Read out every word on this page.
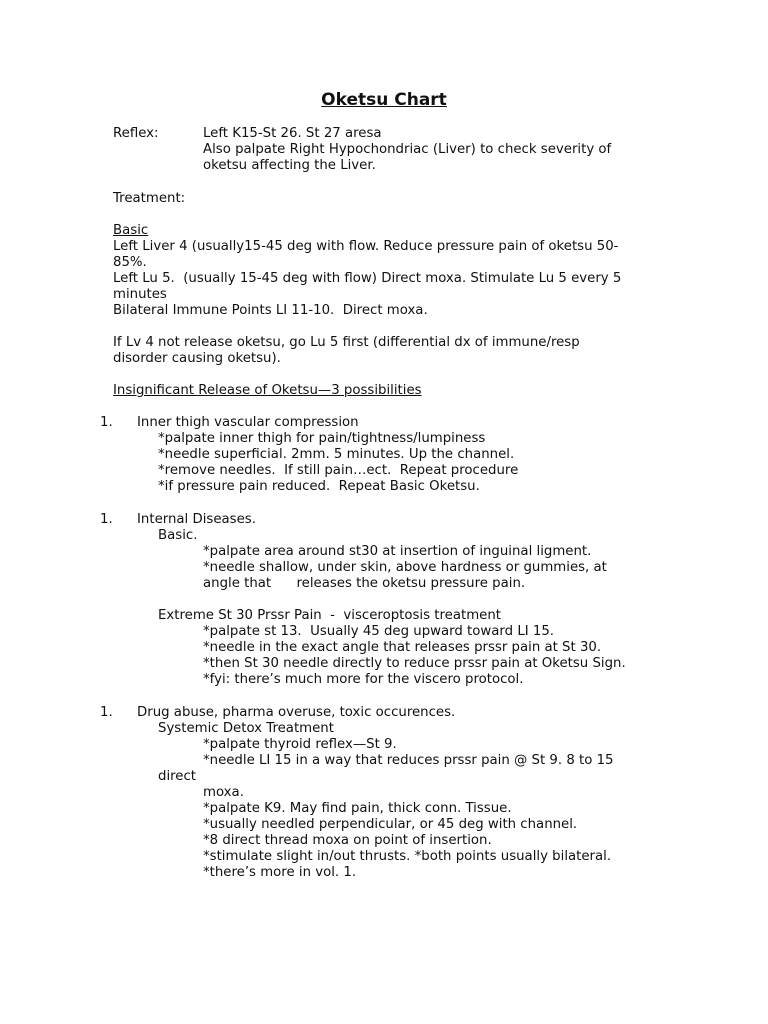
Oketsu Chart
Reflex:	Left K15-St 26. St 27 aresa
Also palpate Right Hypochondriac (Liver) to check severity of
oketsu affecting the Liver.
Treatment:
Basic
Left Liver 4 (usually15-45 deg with flow. Reduce pressure pain of oketsu 50-
85%.
Left Lu 5.  (usually 15-45 deg with flow) Direct moxa. Stimulate Lu 5 every 5
minutes
Bilateral Immune Points LI 11-10.  Direct moxa.
If Lv 4 not release oketsu, go Lu 5 first (differential dx of immune/resp
disorder causing oketsu).
Insignificant Release of Oketsu—3 possibilities
1. Inner thigh vascular compression
*palpate inner thigh for pain/tightness/lumpiness
*needle superficial. 2mm. 5 minutes. Up the channel.
*remove needles.  If still pain…ect.  Repeat procedure
*if pressure pain reduced.  Repeat Basic Oketsu.
1. Internal Diseases.
Basic.
*palpate area around st30 at insertion of inguinal ligment.
*needle shallow, under skin, above hardness or gummies, at
angle that      releases the oketsu pressure pain.
Extreme St 30 Prssr Pain  -  visceroptosis treatment
*palpate st 13.  Usually 45 deg upward toward LI 15.
*needle in the exact angle that releases prssr pain at St 30.
*then St 30 needle directly to reduce prssr pain at Oketsu Sign.
*fyi: there’s much more for the viscero protocol.
1. Drug abuse, pharma overuse, toxic occurences.
Systemic Detox Treatment
*palpate thyroid reflex—St 9.
*needle LI 15 in a way that reduces prssr pain @ St 9. 8 to 15
direct
moxa.
*palpate K9. May find pain, thick conn. Tissue.
*usually needled perpendicular, or 45 deg with channel.
*8 direct thread moxa on point of insertion.
*stimulate slight in/out thrusts. *both points usually bilateral.
*there’s more in vol. 1.
